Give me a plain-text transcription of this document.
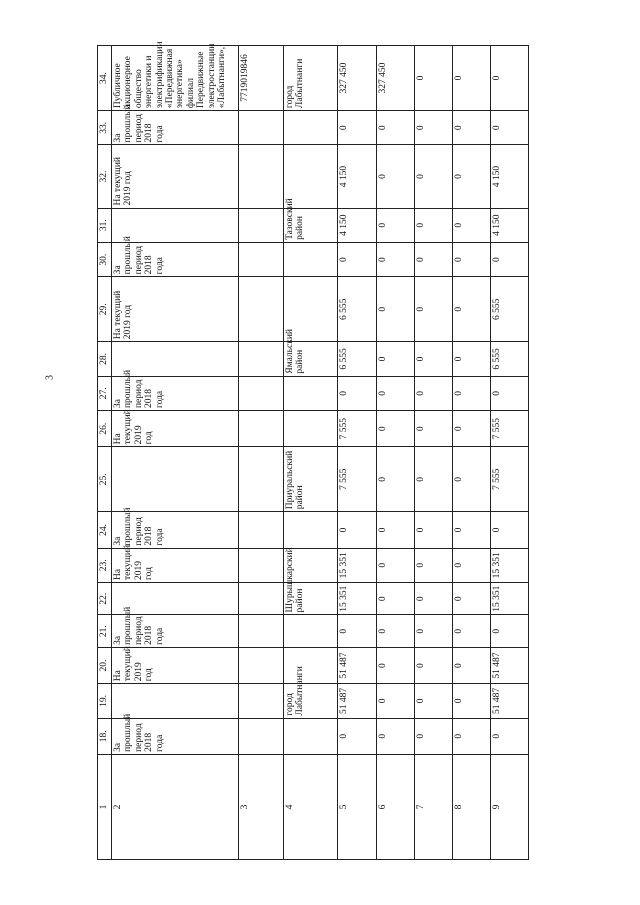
3
1	18.	19.	20.	21.	22.	23.	24.	25.	26.	27.	28.	29.	30.	31.	32.	33.	34.
2	За прошлый период 2018 года		На текущий 2019 год	За прошлый период 2018 года		На текущий 2019 год	За прошлый период 2018 года		На текущий 2019 год	За прошлый период 2018 года		На текущий 2019 год	За прошлый период 2018 года		На текущий 2019 год	За прошлый период 2018 года	Публичное акционерное общество энергетики и электрификации «Передвижная энергетика» филиал Передвижные электростанции «Лабытнанги»,
3																	7719019846
4		город Лабытнанги			Шурышкарский район			Приуральский район			Ямальский район			Тазовский район			город Лабытнанги
5	0	51 487	51 487	0	15 351	15 351	0	7 555	7 555	0	6 555	6 555	0	4 150	4 150	0	327 450
6	0	0	0	0	0	0	0	0	0	0	0	0	0	0	0	0	327 450
7	0	0	0	0	0	0	0	0	0	0	0	0	0	0	0	0	0
8	0	0	0	0	0	0	0	0	0	0	0	0	0	0	0	0	0
9	0	51 487	51 487	0	15 351	15 351	0	7 555	7 555	0	6 555	6 555	0	4 150	4 150	0	0
